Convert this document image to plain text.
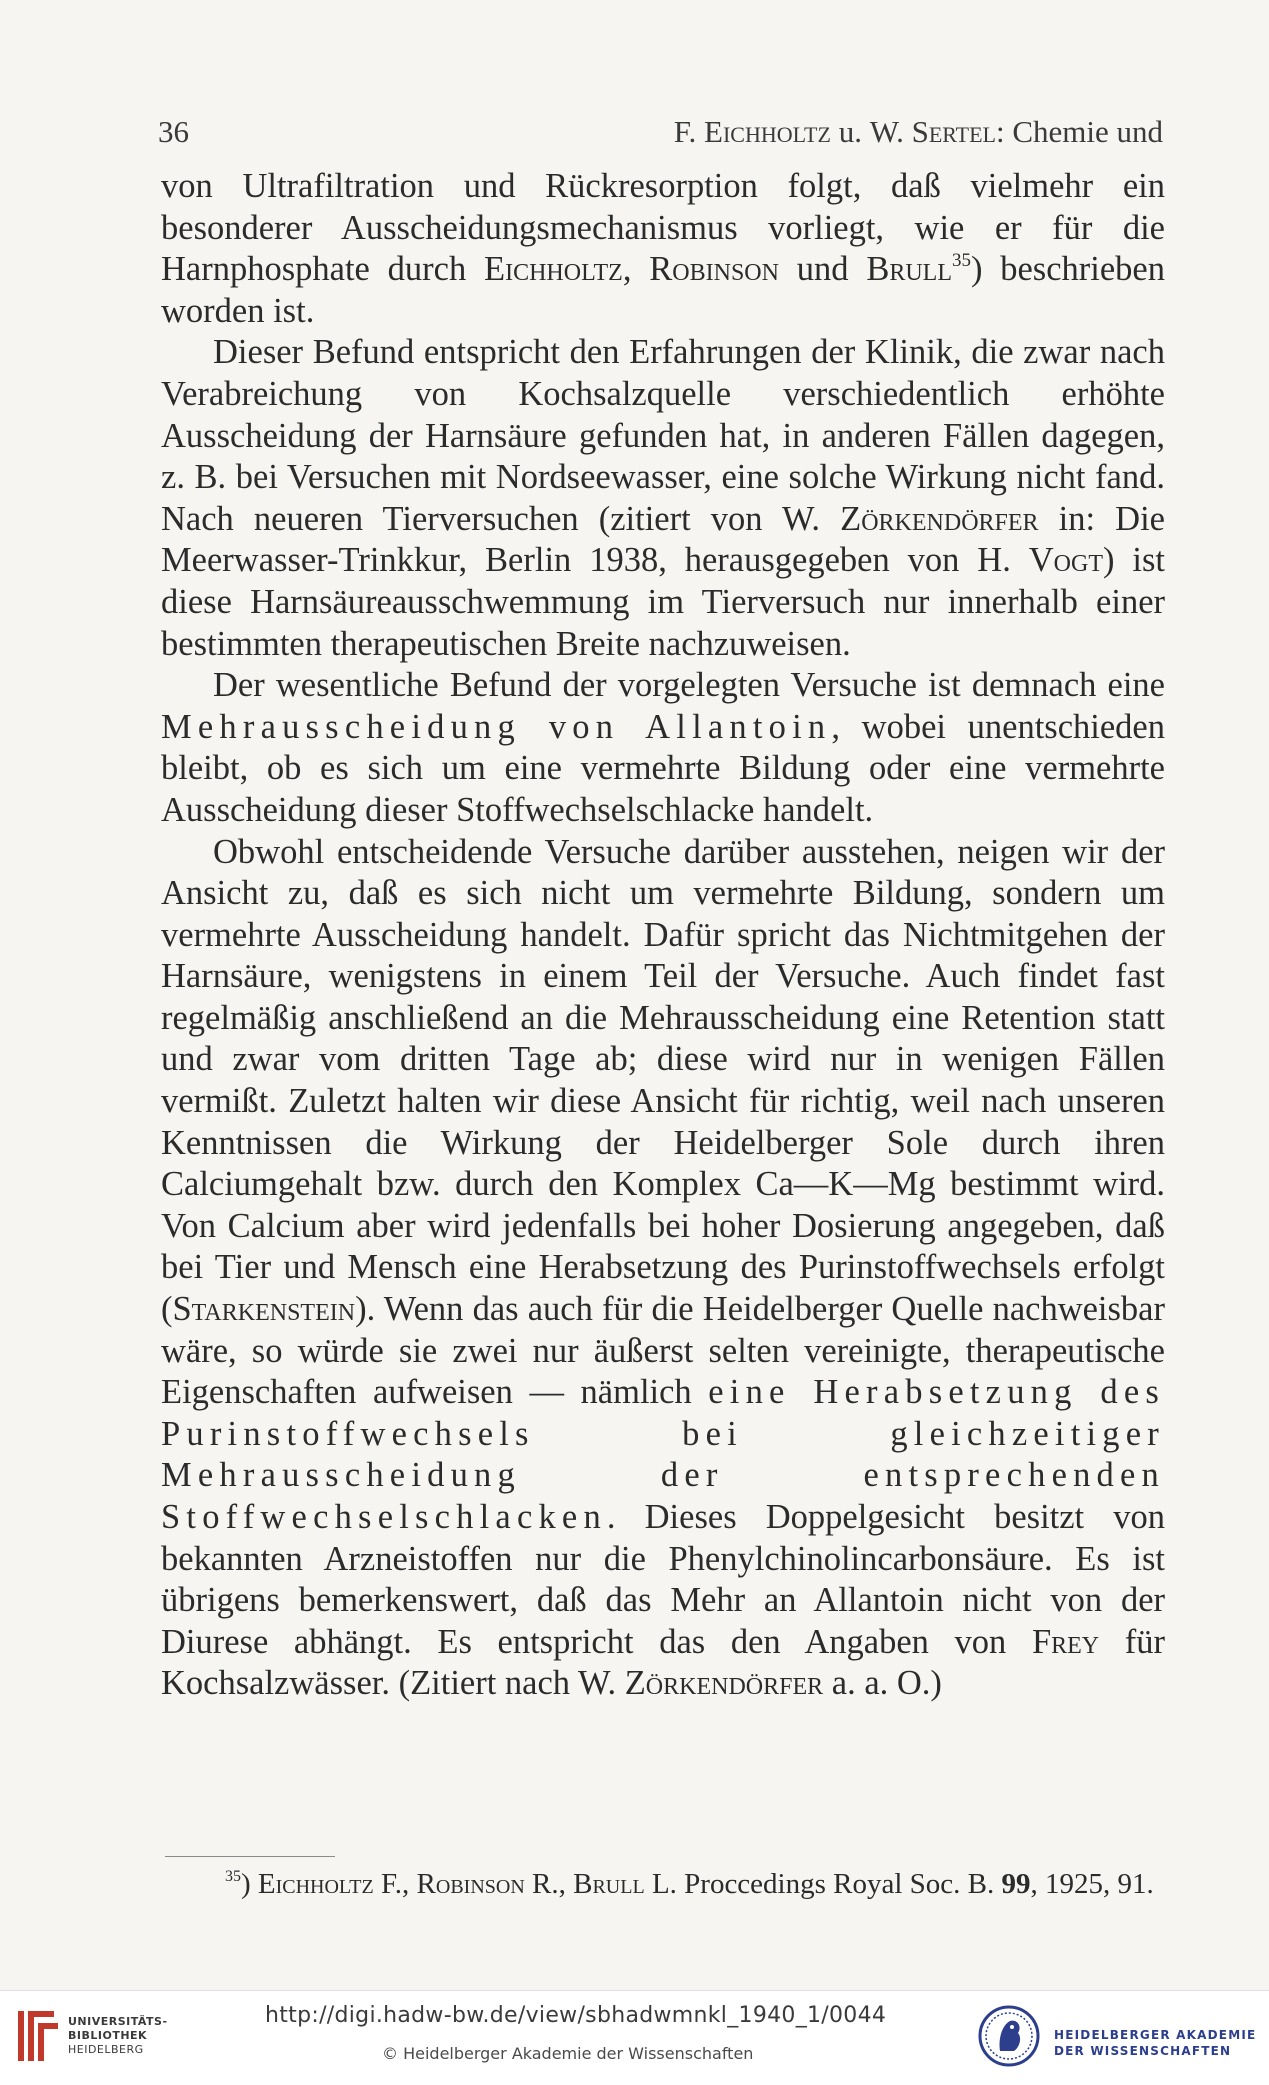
36	F. Eichholtz u. W. Sertel: Chemie und

von Ultrafiltration und Rückresorption folgt, daß vielmehr ein besonderer Ausscheidungsmechanismus vorliegt, wie er für die Harnphosphate durch Eichholtz, Robinson und Brull$^{35}$) beschrieben worden ist.

Dieser Befund entspricht den Erfahrungen der Klinik, die zwar nach Verabreichung von Kochsalzquelle verschiedentlich erhöhte Ausscheidung der Harnsäure gefunden hat, in anderen Fällen dagegen, z. B. bei Versuchen mit Nordseewasser, eine solche Wirkung nicht fand. Nach neueren Tierversuchen (zitiert von W. Zörkendörfer in: Die Meerwasser-Trinkkur, Berlin 1938, herausgegeben von H. Vogt) ist diese Harnsäureausschwemmung im Tierversuch nur innerhalb einer bestimmten therapeutischen Breite nachzuweisen.

Der wesentliche Befund der vorgelegten Versuche ist demnach eine Mehrausscheidung von Allantoin, wobei unentschieden bleibt, ob es sich um eine vermehrte Bildung oder eine vermehrte Ausscheidung dieser Stoffwechselschlacke handelt.

Obwohl entscheidende Versuche darüber ausstehen, neigen wir der Ansicht zu, daß es sich nicht um vermehrte Bildung, sondern um vermehrte Ausscheidung handelt. Dafür spricht das Nichtmitgehen der Harnsäure, wenigstens in einem Teil der Versuche. Auch findet fast regelmäßig anschließend an die Mehrausscheidung eine Retention statt und zwar vom dritten Tage ab; diese wird nur in wenigen Fällen vermißt. Zuletzt halten wir diese Ansicht für richtig, weil nach unseren Kenntnissen die Wirkung der Heidelberger Sole durch ihren Calciumgehalt bzw. durch den Komplex Ca—K—Mg bestimmt wird. Von Calcium aber wird jedenfalls bei hoher Dosierung angegeben, daß bei Tier und Mensch eine Herabsetzung des Purinstoffwechsels erfolgt (Starkenstein). Wenn das auch für die Heidelberger Quelle nachweisbar wäre, so würde sie zwei nur äußerst selten vereinigte, therapeutische Eigenschaften aufweisen — nämlich eine Herabsetzung des Purinstoffwechsels bei gleichzeitiger Mehrausscheidung der entsprechenden Stoffwechselschlacken. Dieses Doppelgesicht besitzt von bekannten Arzneistoffen nur die Phenylchinolincarbonsäure. Es ist übrigens bemerkenswert, daß das Mehr an Allantoin nicht von der Diurese abhängt. Es entspricht das den Angaben von Frey für Kochsalzwässer. (Zitiert nach W. Zörkendörfer a. a. O.)

$^{35}$) Eichholtz F., Robinson R., Brull L. Proccedings Royal Soc. B. 99, 1925, 91.

UNIVERSITÄTS-
BIBLIOTHEK
HEIDELBERG
http://digi.hadw-bw.de/view/sbhadwmnkl_1940_1/0044
© Heidelberger Akademie der Wissenschaften
HEIDELBERGER AKADEMIE
DER WISSENSCHAFTEN
